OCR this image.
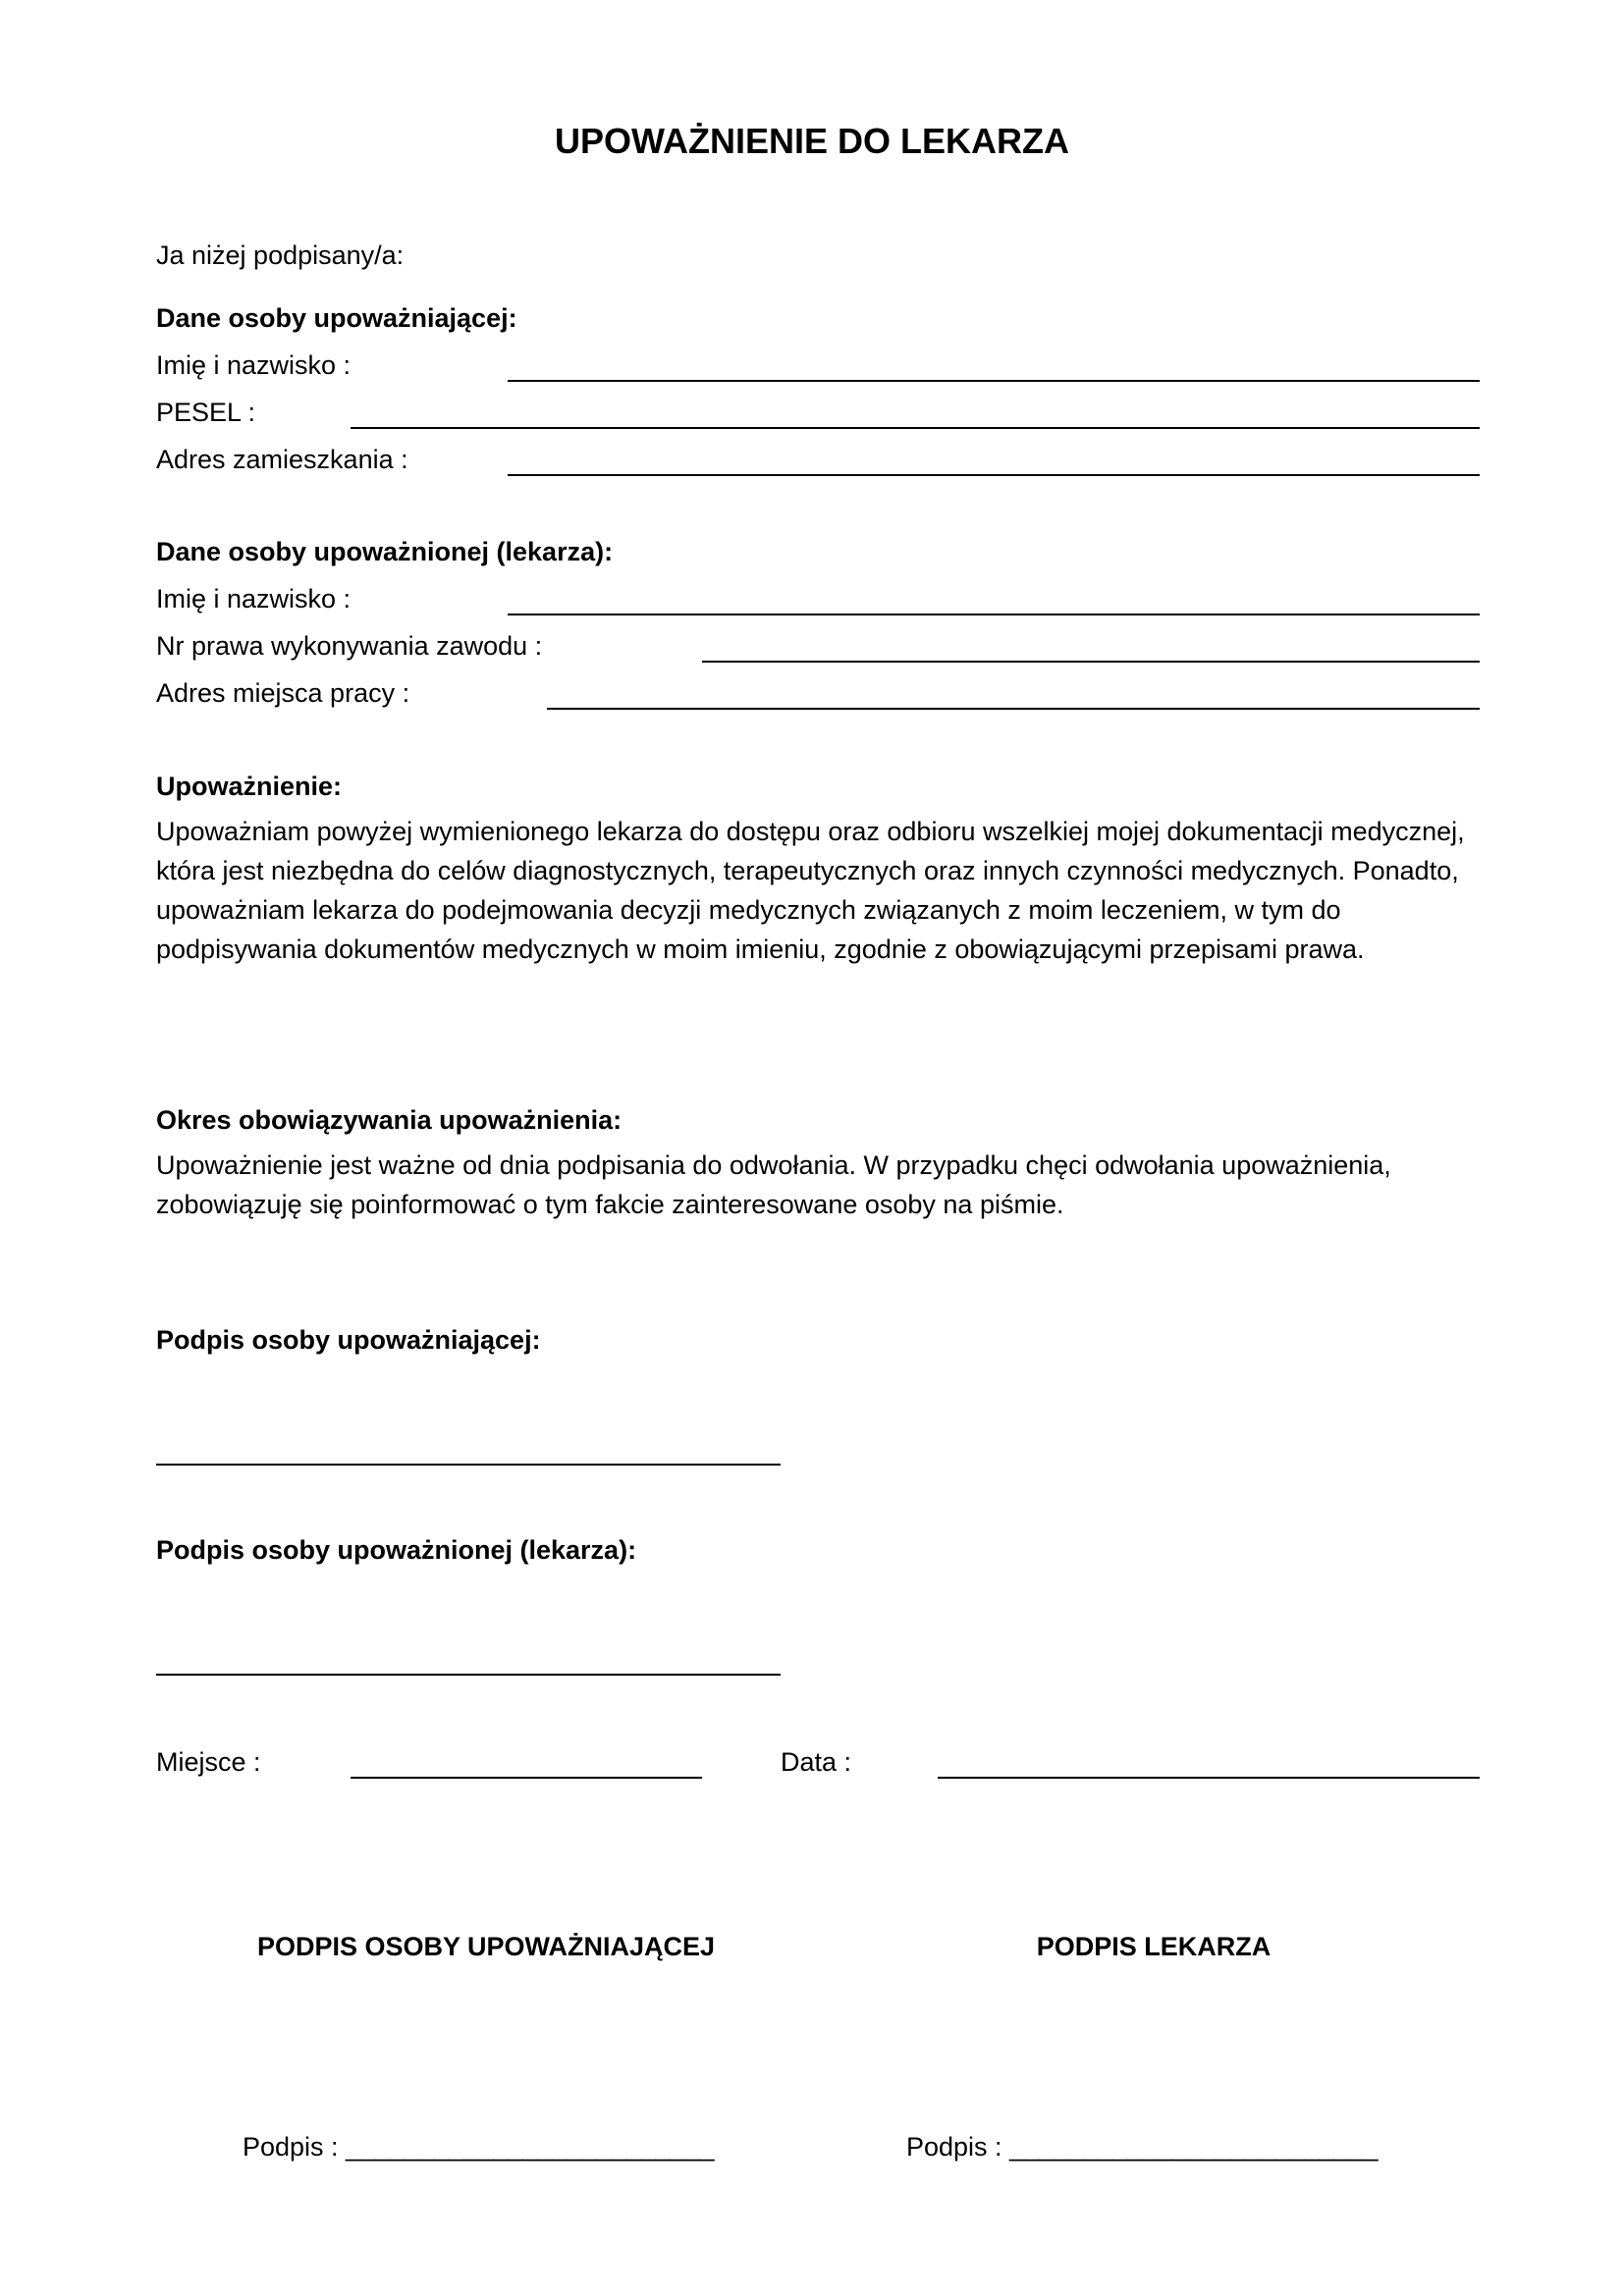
UPOWAŻNIENIE DO LEKARZA
Ja niżej podpisany/a:
Dane osoby upoważniającej:
Imię i nazwisko :
PESEL :
Adres zamieszkania :
Dane osoby upoważnionej (lekarza):
Imię i nazwisko :
Nr prawa wykonywania zawodu :
Adres miejsca pracy :
Upoważnienie:
Upoważniam powyżej wymienionego lekarza do dostępu oraz odbioru wszelkiej mojej dokumentacji medycznej, która jest niezbędna do celów diagnostycznych, terapeutycznych oraz innych czynności medycznych. Ponadto, upoważniam lekarza do podejmowania decyzji medycznych związanych z moim leczeniem, w tym do podpisywania dokumentów medycznych w moim imieniu, zgodnie z obowiązującymi przepisami prawa.
Okres obowiązywania upoważnienia:
Upoważnienie jest ważne od dnia podpisania do odwołania. W przypadku chęci odwołania upoważnienia, zobowiązuję się poinformować o tym fakcie zainteresowane osoby na piśmie.
Podpis osoby upoważniającej:
Podpis osoby upoważnionej (lekarza):
Miejsce :	Data :
PODPIS OSOBY UPOWAŻNIAJĄCEJ	PODPIS LEKARZA
Podpis : _________________________	Podpis : _________________________
